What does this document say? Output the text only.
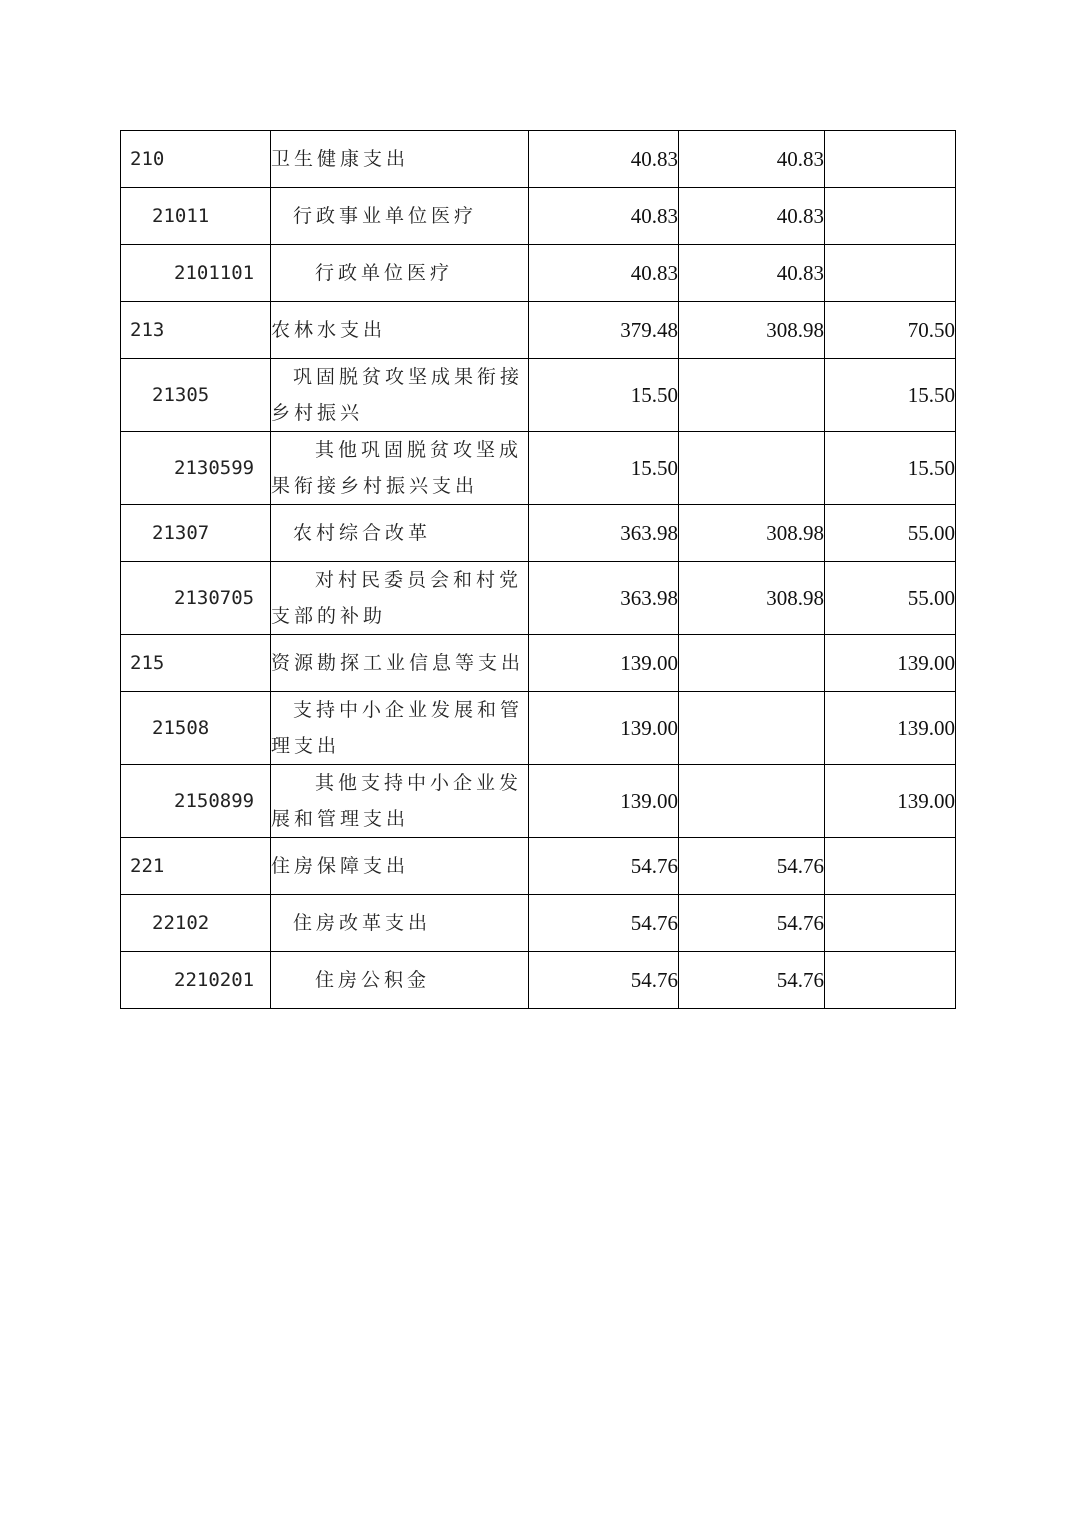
210	卫生健康支出	40.83	40.83	
21011	行政事业单位医疗	40.83	40.83	
2101101	行政单位医疗	40.83	40.83	
213	农林水支出	379.48	308.98	70.50
21305	巩固脱贫攻坚成果衔接乡村振兴	15.50		15.50
2130599	其他巩固脱贫攻坚成果衔接乡村振兴支出	15.50		15.50
21307	农村综合改革	363.98	308.98	55.00
2130705	对村民委员会和村党支部的补助	363.98	308.98	55.00
215	资源勘探工业信息等支出	139.00		139.00
21508	支持中小企业发展和管理支出	139.00		139.00
2150899	其他支持中小企业发展和管理支出	139.00		139.00
221	住房保障支出	54.76	54.76	
22102	住房改革支出	54.76	54.76	
2210201	住房公积金	54.76	54.76	
